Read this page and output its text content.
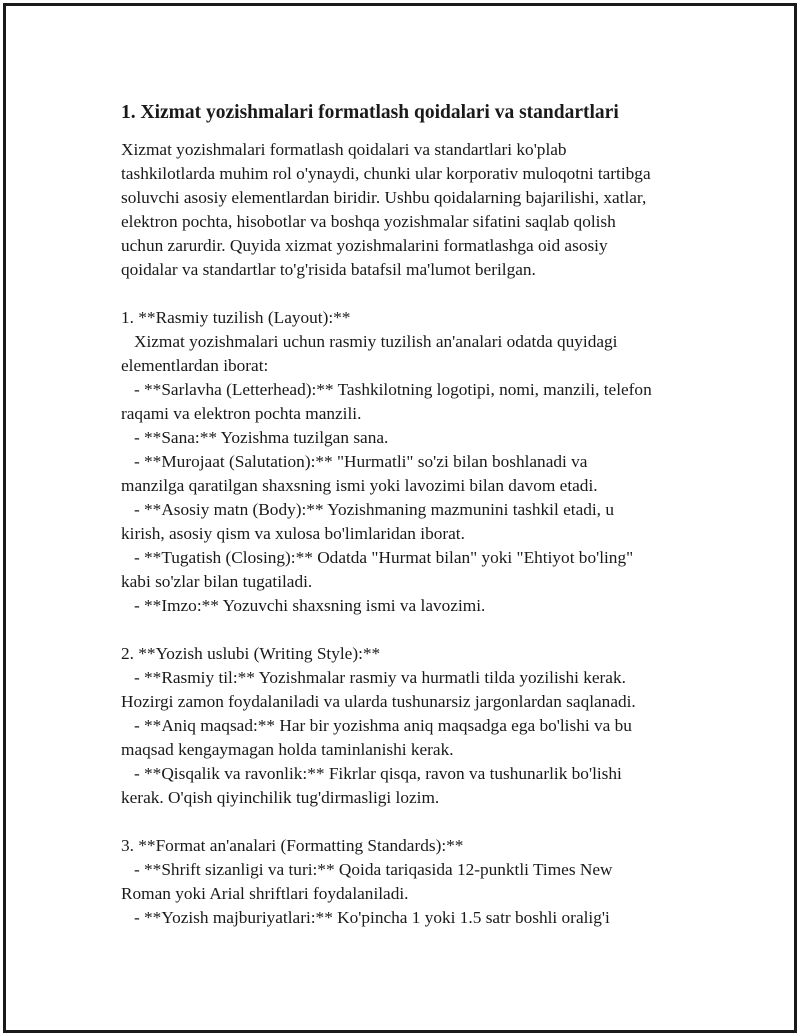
1. Xizmat yozishmalari formatlash qoidalari va standartlari
Xizmat yozishmalari formatlash qoidalari va standartlari ko'plab
tashkilotlarda muhim rol o'ynaydi, chunki ular korporativ muloqotni tartibga
soluvchi asosiy elementlardan biridir. Ushbu qoidalarning bajarilishi, xatlar,
elektron pochta, hisobotlar va boshqa yozishmalar sifatini saqlab qolish
uchun zarurdir. Quyida xizmat yozishmalarini formatlashga oid asosiy
qoidalar va standartlar to'g'risida batafsil ma'lumot berilgan.
1. **Rasmiy tuzilish (Layout):**
Xizmat yozishmalari uchun rasmiy tuzilish an'analari odatda quyidagi
elementlardan iborat:
- **Sarlavha (Letterhead):** Tashkilotning logotipi, nomi, manzili, telefon
raqami va elektron pochta manzili.
- **Sana:** Yozishma tuzilgan sana.
- **Murojaat (Salutation):** "Hurmatli" so'zi bilan boshlanadi va
manzilga qaratilgan shaxsning ismi yoki lavozimi bilan davom etadi.
- **Asosiy matn (Body):** Yozishmaning mazmunini tashkil etadi, u
kirish, asosiy qism va xulosa bo'limlaridan iborat.
- **Tugatish (Closing):** Odatda "Hurmat bilan" yoki "Ehtiyot bo'ling"
kabi so'zlar bilan tugatiladi.
- **Imzo:** Yozuvchi shaxsning ismi va lavozimi.
2. **Yozish uslubi (Writing Style):**
- **Rasmiy til:** Yozishmalar rasmiy va hurmatli tilda yozilishi kerak.
Hozirgi zamon foydalaniladi va ularda tushunarsiz jargonlardan saqlanadi.
- **Aniq maqsad:** Har bir yozishma aniq maqsadga ega bo'lishi va bu
maqsad kengaymagan holda taminlanishi kerak.
- **Qisqalik va ravonlik:** Fikrlar qisqa, ravon va tushunarlik bo'lishi
kerak. O'qish qiyinchilik tug'dirmasligi lozim.
3. **Format an'analari (Formatting Standards):**
- **Shrift sizanligi va turi:** Qoida tariqasida 12-punktli Times New
Roman yoki Arial shriftlari foydalaniladi.
- **Yozish majburiyatlari:** Ko'pincha 1 yoki 1.5 satr boshli oralig'i
